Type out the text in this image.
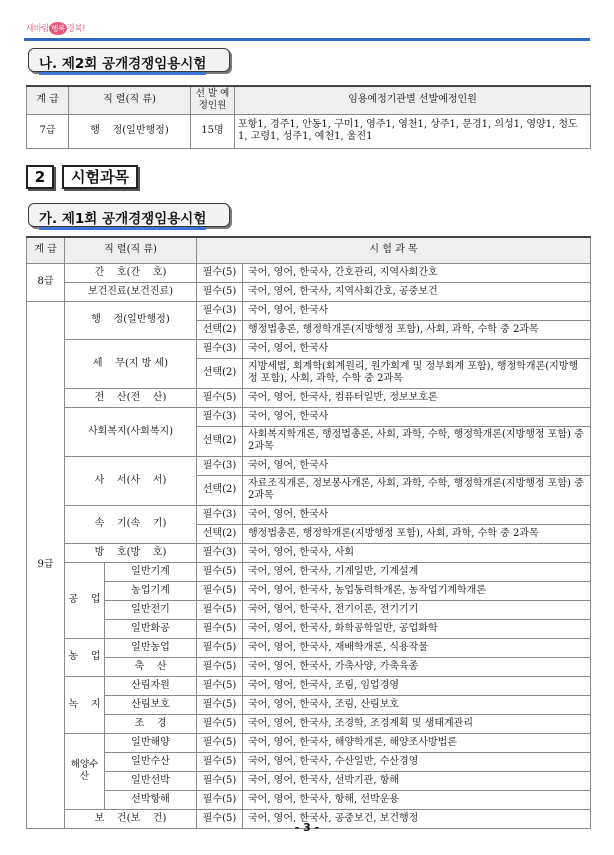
새바람 행복 경북!
나. 제2회 공개경쟁임용시험
계 급	직 렬(직 류)	선 발 예정인원	임용예정기관별 선발예정인원
7급	행    정(일반행정)	15명	포항1, 경주1, 안동1, 구미1, 영주1, 영천1, 상주1, 문경1, 의성1, 영양1, 청도1, 고령1, 성주1, 예천1, 울진1
2	시험과목
가. 제1회 공개경쟁임용시험
계 급	직 렬(직 류)		시 험 과 목	
8급	간    호(간    호)		필수(5)	국어, 영어, 한국사, 간호관리, 지역사회간호
	보건진료(보건진료)		필수(5)	국어, 영어, 한국사, 지역사회간호, 공중보건
9급	행    정(일반행정)		필수(3)	국어, 영어, 한국사
			선택(2)	행정법총론, 행정학개론(지방행정 포함), 사회, 과학, 수학 중 2과목
	세    무(지 방 세)		필수(3)	국어, 영어, 한국사
			선택(2)	지방세법, 회계학(회계원리, 원가회계 및 정부회계 포함), 행정학개론(지방행정 포함), 사회, 과학, 수학 중 2과목
	전    산(전    산)		필수(5)	국어, 영어, 한국사, 컴퓨터일반, 정보보호론
	사회복지(사회복지)		필수(3)	국어, 영어, 한국사
			선택(2)	사회복지학개론, 행정법총론, 사회, 과학, 수학, 행정학개론(지방행정 포함) 중 2과목
	사    서(사    서)		필수(3)	국어, 영어, 한국사
			선택(2)	자료조직개론, 정보봉사개론, 사회, 과학, 수학, 행정학개론(지방행정 포함) 중 2과목
	속    기(속    기)		필수(3)	국어, 영어, 한국사
			선택(2)	행정법총론, 행정학개론(지방행정 포함), 사회, 과학, 수학 중 2과목
	방    호(방    호)		필수(3)	국어, 영어, 한국사, 사회
	공    업	일반기계	필수(5)	국어, 영어, 한국사, 기계일반, 기계설계
		농업기계	필수(5)	국어, 영어, 한국사, 농업동력학개론, 농작업기계학개론
		일반전기	필수(5)	국어, 영어, 한국사, 전기이론, 전기기기
		일반화공	필수(5)	국어, 영어, 한국사, 화학공학일반, 공업화학
	농    업	일반농업	필수(5)	국어, 영어, 한국사, 재배학개론, 식용작물
		축    산	필수(5)	국어, 영어, 한국사, 가축사양, 가축육종
	녹    지	산림자원	필수(5)	국어, 영어, 한국사, 조림, 임업경영
		산림보호	필수(5)	국어, 영어, 한국사, 조림, 산림보호
		조    경	필수(5)	국어, 영어, 한국사, 조경학, 조경계획 및 생태계관리
	해양수산	일반해양	필수(5)	국어, 영어, 한국사, 해양학개론, 해양조사방법론
		일반수산	필수(5)	국어, 영어, 한국사, 수산일반, 수산경영
		일반선박	필수(5)	국어, 영어, 한국사, 선박기관, 항해
		선박항해	필수(5)	국어, 영어, 한국사, 항해, 선박운용
	보    건(보    건)		필수(5)	국어, 영어, 한국사, 공중보건, 보건행정
- 3 -
